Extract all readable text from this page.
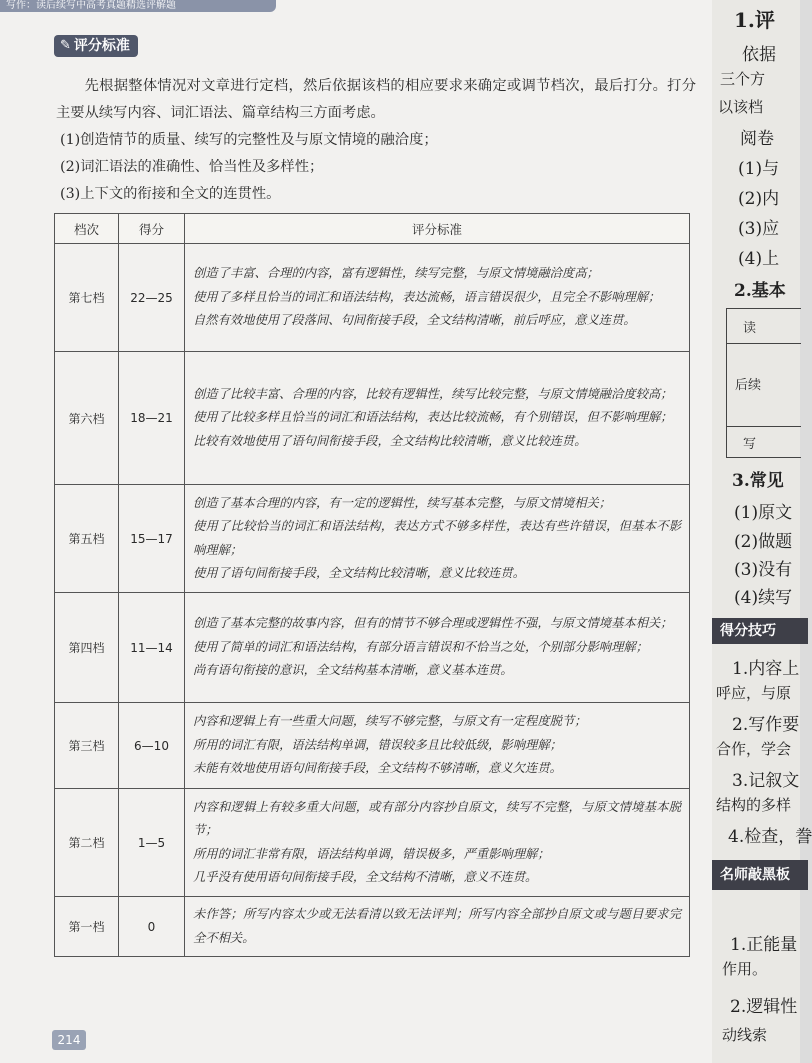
写作：读后续写中高考真题精选评解题
✎ 评分标准

先根据整体情况对文章进行定档，然后依据该档的相应要求来确定或调节档次，最后打分。打分主要从续写内容、词汇语法、篇章结构三方面考虑。

(1)创造情节的质量、续写的完整性及与原文情境的融洽度；
(2)词汇语法的准确性、恰当性及多样性；
(3)上下文的衔接和全文的连贯性。
档次	得分	评分标准
第七档	22—25	创造了丰富、合理的内容，富有逻辑性，续写完整，与原文情境融洽度高；
使用了多样且恰当的词汇和语法结构，表达流畅，语言错误很少，且完全不影响理解；
自然有效地使用了段落间、句间衔接手段，全文结构清晰，前后呼应，意义连贯。

第六档	18—21	创造了比较丰富、合理的内容，比较有逻辑性，续写比较完整，与原文情境融洽度较高；
使用了比较多样且恰当的词汇和语法结构，表达比较流畅，有个别错误，但不影响理解；
比较有效地使用了语句间衔接手段，全文结构比较清晰，意义比较连贯。

第五档	15—17	创造了基本合理的内容，有一定的逻辑性，续写基本完整，与原文情境相关；
使用了比较恰当的词汇和语法结构，表达方式不够多样性，表达有些许错误，但基本不影响理解；
使用了语句间衔接手段，全文结构比较清晰，意义比较连贯。

第四档	11—14	创造了基本完整的故事内容，但有的情节不够合理或逻辑性不强，与原文情境基本相关；
使用了简单的词汇和语法结构，有部分语言错误和不恰当之处，个别部分影响理解；
尚有语句衔接的意识，全文结构基本清晰，意义基本连贯。

第三档	6—10	内容和逻辑上有一些重大问题，续写不够完整，与原文有一定程度脱节；
所用的词汇有限，语法结构单调，错误较多且比较低级，影响理解；
未能有效地使用语句间衔接手段，全文结构不够清晰，意义欠连贯。

第二档	1—5	内容和逻辑上有较多重大问题，或有部分内容抄自原文，续写不完整，与原文情境基本脱节；
所用的词汇非常有限，语法结构单调，错误极多，严重影响理解；
几乎没有使用语句间衔接手段，全文结构不清晰，意义不连贯。

第一档	0	未作答；所写内容太少或无法看清以致无法评判；所写内容全部抄自原文或与题目要求完全不相关。
214
1.评
依据
三个方
以该档
阅卷
(1)与
(2)内
(3)应
(4)上
2.基本
读
后续
写
3.常见
(1)原文
(2)做题
(3)没有
(4)续写
得分技巧
1.内容上
呼应，与原
2.写作要
合作，学会
3.记叙文
结构的多样
4.检查，誊
名师敲黑板
1.正能量
作用。
2.逻辑性
动线索
